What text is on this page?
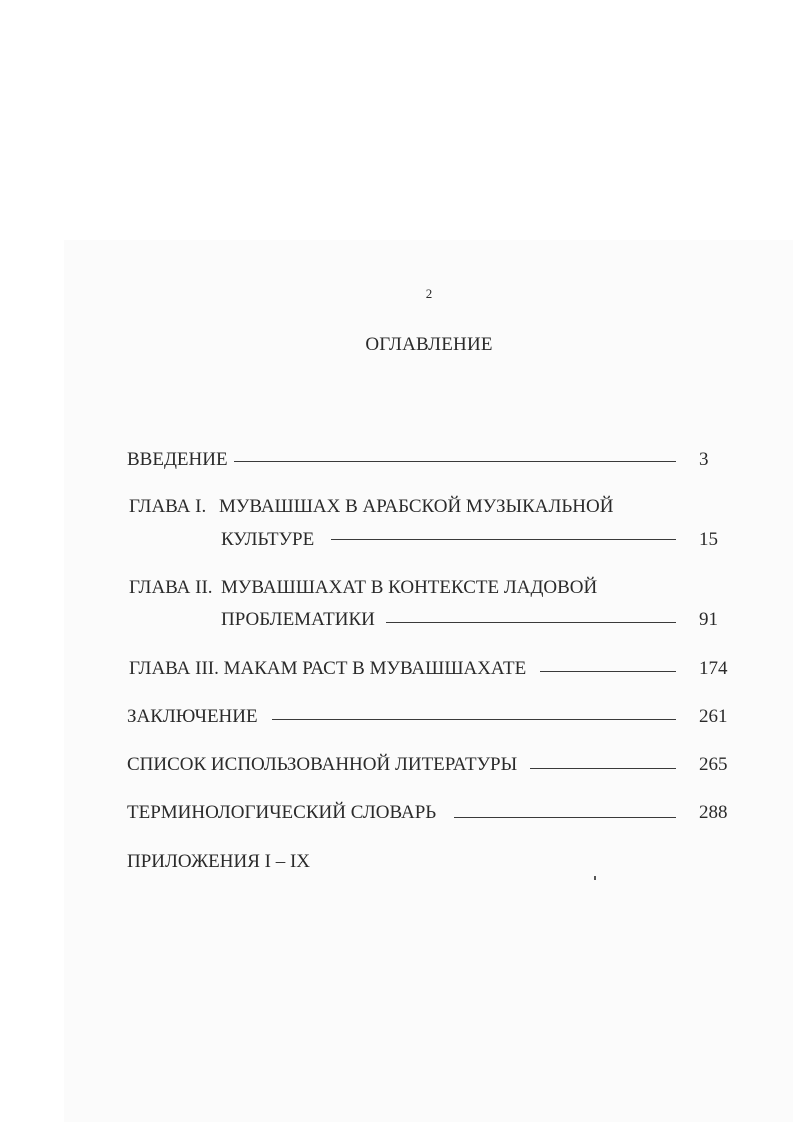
2
ОГЛАВЛЕНИЕ
ВВЕДЕНИЕ	3
ГЛАВА I. МУВАШШАХ В АРАБСКОЙ МУЗЫКАЛЬНОЙ
КУЛЬТУРЕ	15
ГЛАВА II. МУВАШШАХАТ В КОНТЕКСТЕ ЛАДОВОЙ
ПРОБЛЕМАТИКИ	91
ГЛАВА III. МАКАМ РАСТ В МУВАШШАХАТЕ	174
ЗАКЛЮЧЕНИЕ	261
СПИСОК ИСПОЛЬЗОВАННОЙ ЛИТЕРАТУРЫ	265
ТЕРМИНОЛОГИЧЕСКИЙ СЛОВАРЬ	288
ПРИЛОЖЕНИЯ I – IX
